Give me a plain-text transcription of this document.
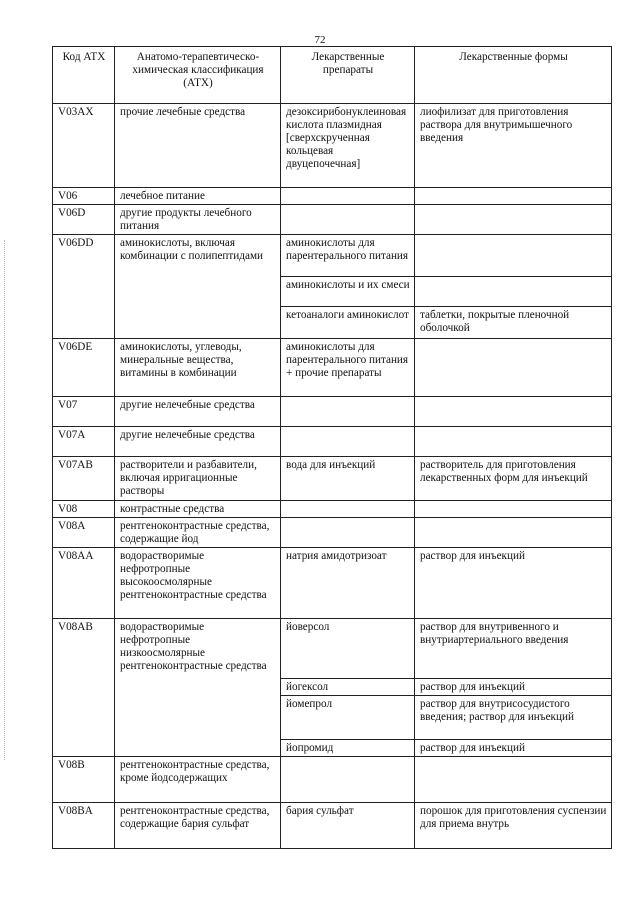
72
Код АТХ	Анатомо-терапевтическо-химическая классификация (АТХ)	Лекарственные препараты	Лекарственные формы
V03AX	прочие лечебные средства	дезоксирибонуклеиновая кислота плазмидная [сверхскрученная кольцевая двуцепочечная]	лиофилизат для приготовления раствора для внутримышечного введения
V06	лечебное питание		
V06D	другие продукты лечебного питания		
V06DD	аминокислоты, включая комбинации с полипептидами	аминокислоты для парентерального питания	
		аминокислоты и их смеси	
		кетоаналоги аминокислот	таблетки, покрытые пленочной оболочкой
V06DE	аминокислоты, углеводы, минеральные вещества, витамины в комбинации	аминокислоты для парентерального питания + прочие препараты	
V07	другие нелечебные средства		
V07A	другие нелечебные средства		
V07AB	растворители и разбавители, включая ирригационные растворы	вода для инъекций	растворитель для приготовления лекарственных форм для инъекций
V08	контрастные средства		
V08A	рентгеноконтрастные средства, содержащие йод		
V08AA	водорастворимые нефротропные высокоосмолярные рентгеноконтрастные средства	натрия амидотризоат	раствор для инъекций
V08AB	водорастворимые нефротропные низкоосмолярные рентгеноконтрастные средства	йоверсол	раствор для внутривенного и внутриартериального введения
		йогексол	раствор для инъекций
		йомепрол	раствор для внутрисосудистого введения; раствор для инъекций
		йопромид	раствор для инъекций
V08B	рентгеноконтрастные средства, кроме йодсодержащих		
V08BA	рентгеноконтрастные средства, содержащие бария сульфат	бария сульфат	порошок для приготовления суспензии для приема внутрь
